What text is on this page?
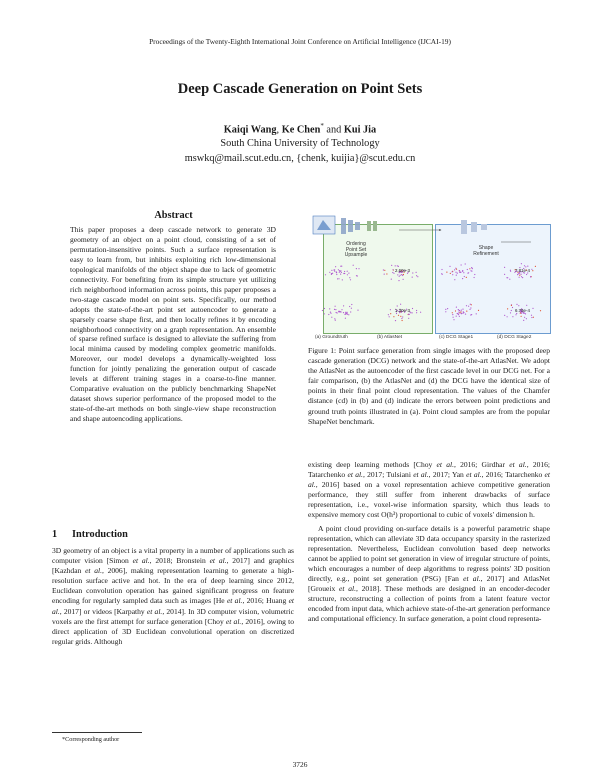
Proceedings of the Twenty-Eighth International Joint Conference on Artificial Intelligence (IJCAI-19)
Deep Cascade Generation on Point Sets
Kaiqi Wang, Ke Chen* and Kui Jia
South China University of Technology
mswkq@mail.scut.edu.cn, {chenk, kuijia}@scut.edu.cn
Abstract

This paper proposes a deep cascade network to generate 3D geometry of an object on a point cloud, consisting of a set of permutation-insensitive points. Such a surface representation is easy to learn from, but inhibits exploiting rich low-dimensional topological manifolds of the object shape due to lack of geometric connectivity. For benefiting from its simple structure yet utilizing rich neighborhood information across points, this paper proposes a two-stage cascade model on point sets. Specifically, our method adopts the state-of-the-art point set autoencoder to generate a sparsely coarse shape first, and then locally refines it by encoding neighborhood connectivity on a graph representation. An ensemble of sparse refined surface is designed to alleviate the suffering from local minima caused by modeling complex geometric manifolds. Moreover, our model develops a dynamically-weighted loss function for jointly penalizing the generation output of cascade levels at different training stages in a coarse-to-fine manner. Comparative evaluation on the publicly benchmarking ShapeNet dataset shows superior performance of the proposed model to the state-of-the-art methods on both single-view shape reconstruction and shape autoencoding applications.

1 Introduction

3D geometry of an object is a vital property in a number of applications such as computer vision [Simon et al., 2018; Bronstein et al., 2017] and graphics [Kazhdan et al., 2006], making representation learning to generate a high-resolution surface active and hot. In the era of deep learning since 2012, Euclidean convolution operation has gained significant progress on feature encoding for regularly sampled data such as images [He et al., 2016; Huang et al., 2017] or videos [Karpathy et al., 2014]. In 3D computer vision, volumetric voxels are the first attempt for surface generation [Choy et al., 2016], owing to direct application of 3D Euclidean convolutional operation on discretized regular grids. Although

existing deep learning methods [Choy et al., 2016; Girdhar et al., 2016; Tatarchenko et al., 2017; Tulsiani et al., 2017; Yan et al., 2016; Tatarchenko et al., 2016] based on a voxel representation achieve competitive generation performance, they still suffer from inherent drawbacks of surface representation, i.e., voxel-wise information sparsity, which thus leads to expensive memory cost O(h³) proportional to cubic of voxels' dimension h.

A point cloud providing on-surface details is a powerful parametric shape representation, which can alleviate 3D data occupancy sparsity in the rasterized representation. Nevertheless, Euclidean convolution based deep networks cannot be applied to point set generation in view of irregular structure of points, which encourages a number of deep algorithms to regress points' 3D position directly, e.g., point set generation (PSG) [Fan et al., 2017] and AtlasNet [Groueix et al., 2018]. These methods are designed in an encoder-decoder structure, reconstructing a collection of points from a latent feature vector encoded from input data, which achieve state-of-the-art generation performance and computational efficiency. In surface generation, a point cloud representa-

Ordering
Point Set
Upsample
Shape
Refinement
2.60e-3
1.30e-3
7.81e-4
6.75e-4
(a) Groundtruth	(b) AtlasNet	(c) DCG Stage1	(d) DCG Stage2

Figure 1: Point surface generation from single images with the proposed deep cascade generation (DCG) network and the state-of-the-art AtlasNet. We adopt the AtlasNet as the autoencoder of the first cascade level in our DCG net. For a fair comparison, (b) the AtlasNet and (d) the DCG have the identical size of points in their final point cloud representation. The values of the Chamfer distance (cd) in (b) and (d) indicate the errors between point predictions and ground truth points illustrated in (a). Point cloud samples are from the popular ShapeNet benchmark.

*Corresponding author
3726
